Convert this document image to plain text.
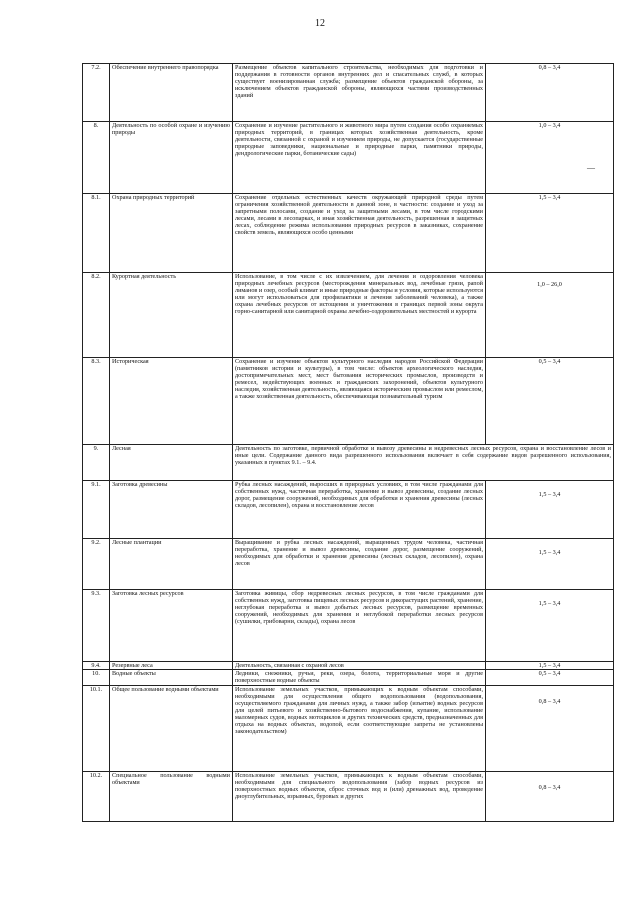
12
7.2.	Обеспечение внутреннего правопорядка	Размещение объектов капитального строительства, необходимых для подготовки и поддержания в готовности органов внутренних дел и спасательных служб, в которых существует военизированная служба; размещение объектов гражданской обороны, за исключением объектов гражданской обороны, являющихся частями производственных зданий	0,8 – 3,4
8.	Деятельность по особой охране и изучению природы	Сохранение и изучение растительного и животного мира путем создания особо охраняемых природных территорий, в границах которых хозяйственная деятельность, кроме деятельности, связанной с охраной и изучением природы, не допускается (государственные природные заповедники, национальные и природные парки, памятники природы, дендрологические парки, ботанические сады)	1,0 – 3,4
8.1.	Охрана природных территорий	Сохранение отдельных естественных качеств окружающей природной среды путем ограничения хозяйственной деятельности в данной зоне, в частности: создание и уход за запретными полосами, создание и уход за защитными лесами, в том числе городскими лесами, лесами в лесопарках, и иная хозяйственная деятельность, разрешенная в защитных лесах, соблюдение режима использования природных ресурсов в заказниках, сохранение свойств земель, являющихся особо ценными	1,5 – 3,4
8.2.	Курортная деятельность	Использование, в том числе с их извлечением, для лечения и оздоровления человека природных лечебных ресурсов (месторождения минеральных вод, лечебные грязи, рапой лиманов и озер, особый климат и иные природные факторы и условия, которые используются или могут использоваться для профилактики и лечения заболеваний человека), а также охрана лечебных ресурсов от истощения и уничтожения в границах первой зоны округа горно-санитарной или санитарной охраны лечебно-оздоровительных местностей и курорта	1,0 – 26,0
8.3.	Историческая	Сохранение и изучение объектов культурного наследия народов Российской Федерации (памятников истории и культуры), в том числе: объектов археологического наследия, достопримечательных мест, мест бытования исторических промыслов, производств и ремесел, недействующих военных и гражданских захоронений, объектов культурного наследия, хозяйственная деятельность, являющаяся историческим промыслом или ремеслом, а также хозяйственная деятельность, обеспечивающая познавательный туризм	0,5 – 3,4
9.	Лесная	Деятельность по заготовке, первичной обработке и вывозу древесины и недревесных лесных ресурсов, охрана и восстановление лесов и иные цели. Содержание данного вида разрешенного использования включает в себя содержание видов разрешенного использования, указанных в пунктах 9.1. – 9.4.	
9.1.	Заготовка древесины	Рубка лесных насаждений, выросших в природных условиях, в том числе гражданами для собственных нужд, частичная переработка, хранение и вывоз древесины, создание лесных дорог, размещение сооружений, необходимых для обработки и хранения древесины (лесных складов, лесопилен), охрана и восстановление лесов	1,5 – 3,4
9.2.	Лесные плантации	Выращивание и рубка лесных насаждений, выращенных трудом человека, частичная переработка, хранение и вывоз древесины, создание дорог, размещение сооружений, необходимых для обработки и хранения древесины (лесных складов, лесопилен), охрана лесов	1,5 – 3,4
9.3.	Заготовка лесных ресурсов	Заготовка живицы, сбор недревесных лесных ресурсов, в том числе гражданами для собственных нужд, заготовка пищевых лесных ресурсов и дикорастущих растений, хранение, неглубокая переработка и вывоз добытых лесных ресурсов, размещение временных сооружений, необходимых для хранения и неглубокой переработки лесных ресурсов (сушилки, грибоварни, склады), охрана лесов	1,5 – 3,4
9.4.	Резервные леса	Деятельность, связанная с охраной лесов	1,5 – 3,4
10.	Водные объекты	Ледники, снежники, ручьи, реки, озера, болота, территориальные моря и другие поверхностные водные объекты	0,5 – 3,4
10.1.	Общее пользование водными объектами	Использование земельных участков, примыкающих к водным объектам способами, необходимыми для осуществления общего водопользования (водопользования, осуществляемого гражданами для личных нужд, а также забор (изъятие) водных ресурсов для целей питьевого и хозяйственно-бытового водоснабжения, купание, использование маломерных судов, водных мотоциклов и других технических средств, предназначенных для отдыха на водных объектах, водопой, если соответствующие запреты не установлены законодательством)	0,8 – 3,4
10.2.	Специальное пользование водными объектами	Использование земельных участков, примыкающих к водным объектам способами, необходимыми для специального водопользования (забор водных ресурсов из поверхностных водных объектов, сброс сточных вод и (или) дренажных вод, проведение дноуглубительных, взрывных, буровых и других	0,8 – 3,4
—
